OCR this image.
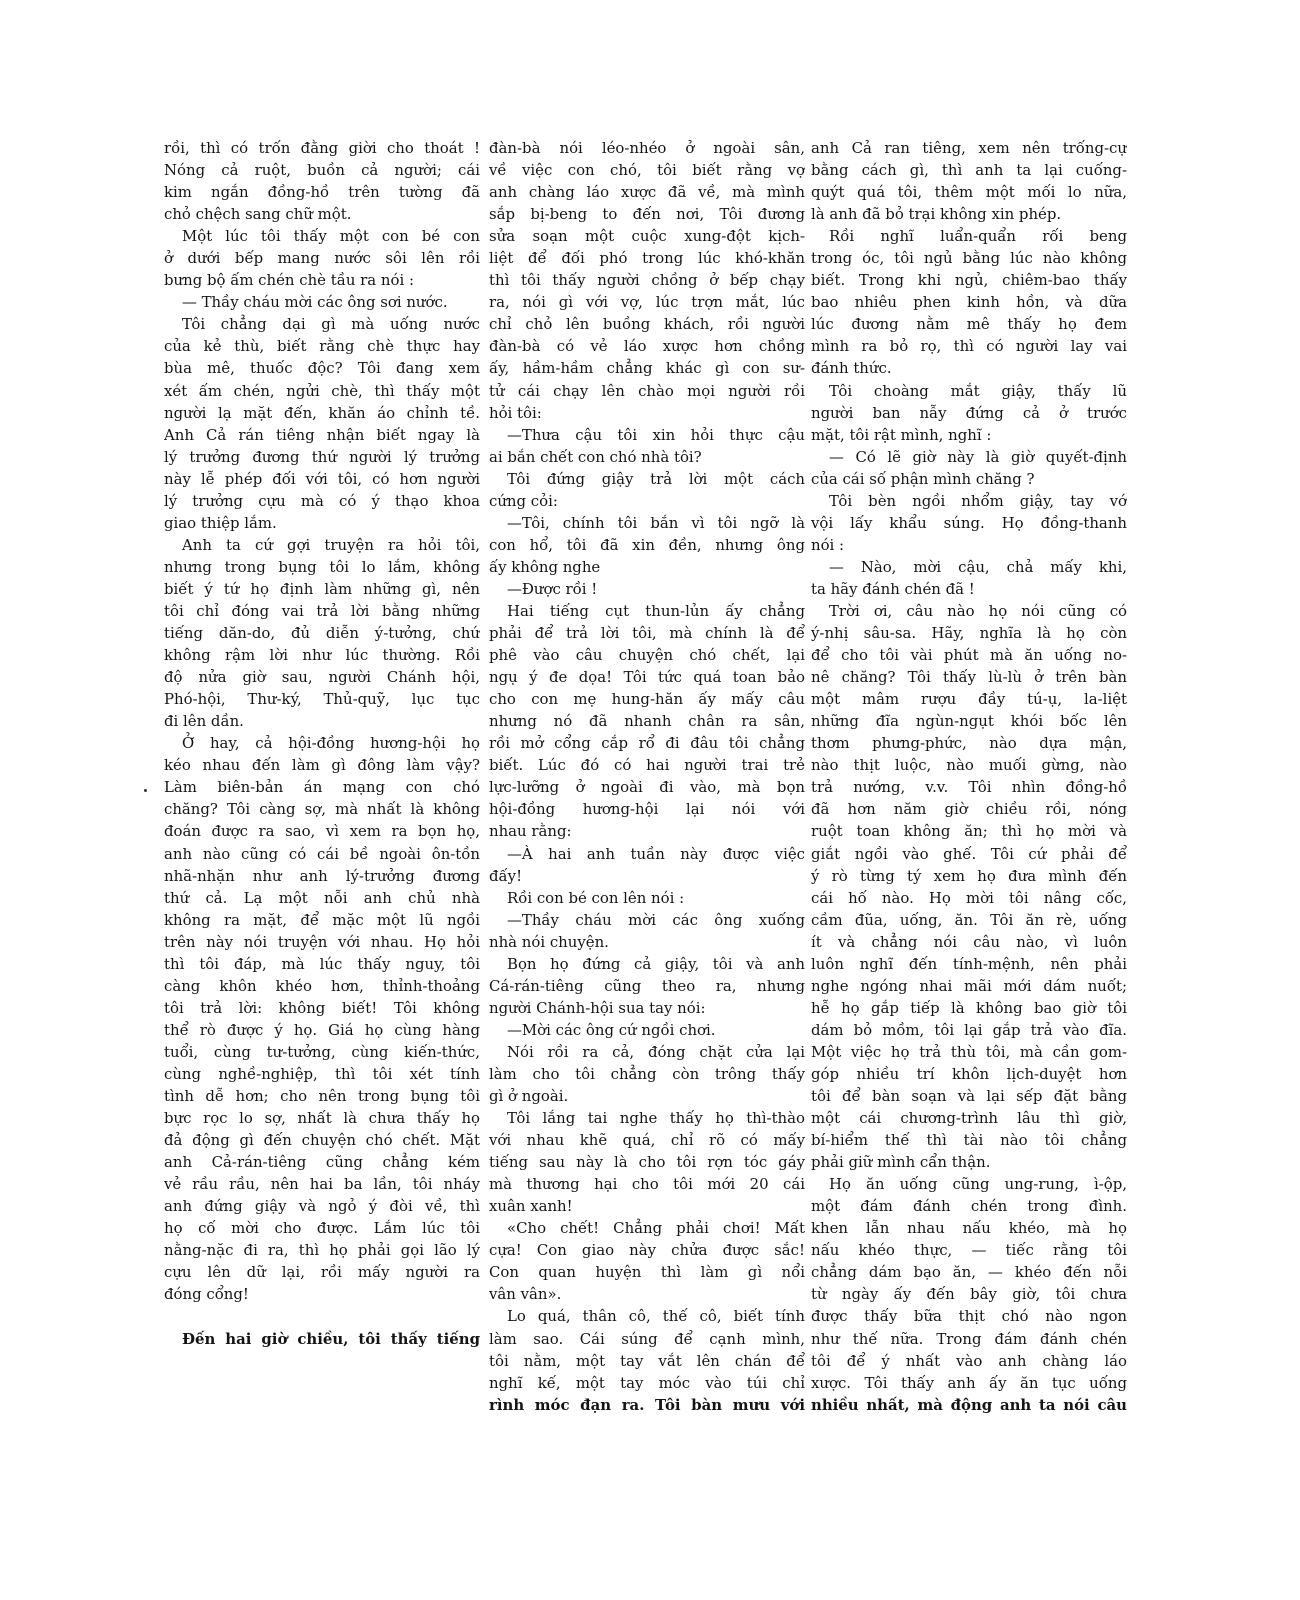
rồi, thì có trốn đằng giời cho thoát !
Nóng cả ruột, buồn cả người; cái
kim ngắn đồng-hồ trên tường đã
chỏ chệch sang chữ một.
Một lúc tôi thấy một con bé con
ở dưới bếp mang nước sôi lên rồi
bưng bộ ấm chén chè tầu ra nói :
— Thầy cháu mời các ông sơi nước.
Tôi chẳng dại gì mà uống nước
của kẻ thù, biết rằng chè thực hay
bùa mê, thuốc độc? Tôi đang xem
xét ấm chén, ngửi chè, thì thấy một
người lạ mặt đến, khăn áo chỉnh tề.
Anh Cả rán tiêng nhận biết ngay là
lý trưởng đương thứ người lý trưởng
này lễ phép đối với tôi, có hơn người
lý trưởng cựu mà có ý thạo khoa
giao thiệp lắm.
Anh ta cứ gợi truyện ra hỏi tôi,
nhưng trong bụng tôi lo lắm, không
biết ý tứ họ định làm những gì, nên
tôi chỉ đóng vai trả lời bằng những
tiếng dăn-do, đủ diễn ý-tưởng, chứ
không rậm lời như lúc thường. Rồi
độ nửa giờ sau, người Chánh hội,
Phó-hội, Thư-ký, Thủ-quỹ, lục tục
đi lên dần.
Ở hay, cả hội-đồng hương-hội họ
kéo nhau đến làm gì đông làm vậy?
Làm biên-bản án mạng con chó
chăng? Tôi càng sợ, mà nhất là không
đoán được ra sao, vì xem ra bọn họ,
anh nào cũng có cái bề ngoài ôn-tồn
nhã-nhặn như anh lý-trưởng đương
thứ cả. Lạ một nỗi anh chủ nhà
không ra mặt, để mặc một lũ ngồi
trên này nói truyện với nhau. Họ hỏi
thì tôi đáp, mà lúc thấy nguy, tôi
càng khôn khéo hơn, thỉnh-thoảng
tôi trả lời: không biết! Tôi không
thể rò được ý họ. Giá họ cùng hàng
tuổi, cùng tư-tưởng, cùng kiến-thức,
cùng nghề-nghiệp, thì tôi xét tính
tình dễ hơn; cho nên trong bụng tôi
bực rọc lo sợ, nhất là chưa thấy họ
đả động gì đến chuyện chó chết. Mặt
anh Cả-rán-tiêng cũng chẳng kém
vẻ rầu rầu, nên hai ba lần, tôi nháy
anh đứng giậy và ngỏ ý đòi về, thì
họ cố mời cho được. Lắm lúc tôi
nằng-nặc đi ra, thì họ phải gọi lão lý
cựu lên dữ lại, rồi mấy người ra
đóng cổng!
Đến hai giờ chiều, tôi thấy tiếng
đàn-bà nói léo-nhéo ở ngoài sân,
về việc con chó, tôi biết rằng vợ
anh chàng láo xược đã về, mà mình
sắp bị-beng to đến nơi, Tôi đương
sửa soạn một cuộc xung-đột kịch-
liệt để đối phó trong lúc khó-khăn
thì tôi thấy người chồng ở bếp chạy
ra, nói gì với vợ, lúc trợn mắt, lúc
chỉ chỏ lên buồng khách, rồi người
đàn-bà có vẻ láo xược hơn chồng
ấy, hầm-hầm chẳng khác gì con sư-
tử cái chạy lên chào mọi người rồi
hỏi tôi:
—Thưa cậu tôi xin hỏi thực cậu
ai bắn chết con chó nhà tôi?
Tôi đứng giậy trả lời một cách
cứng cỏi:
—Tôi, chính tôi bắn vì tôi ngỡ là
con hổ, tôi đã xin đền, nhưng ông
ấy không nghe
—Được rồi !
Hai tiếng cụt thun-lủn ấy chẳng
phải để trả lời tôi, mà chính là để
phê vào câu chuyện chó chết, lại
ngụ ý đe dọa! Tôi tức quá toan bảo
cho con mẹ hung-hăn ấy mấy câu
nhưng nó đã nhanh chân ra sân,
rồi mở cổng cắp rổ đi đâu tôi chẳng
biết. Lúc đó có hai người trai trẻ
lực-lưỡng ở ngoài đi vào, mà bọn
hội-đồng hương-hội lại nói với
nhau rằng:
—À hai anh tuần này được việc
đấy!
Rồi con bé con lên nói :
—Thầy cháu mời các ông xuống
nhà nói chuyện.
Bọn họ đứng cả giậy, tôi và anh
Cá-rán-tiêng cũng theo ra, nhưng
người Chánh-hội sua tay nói:
—Mời các ông cứ ngồi chơi.
Nói rồi ra cả, đóng chặt cửa lại
làm cho tôi chẳng còn trông thấy
gì ở ngoài.
Tôi lắng tai nghe thấy họ thì-thào
với nhau khẽ quá, chỉ rõ có mấy
tiếng sau này là cho tôi rợn tóc gáy
mà thương hại cho tôi mới 20 cái
xuân xanh!
«Cho chết! Chẳng phải chơi! Mất
cựa! Con giao này chửa được sắc!
Con quan huyện thì làm gì nổi
vân vân».
Lo quá, thân cô, thế cô, biết tính
làm sao. Cái súng để cạnh mình,
tôi nằm, một tay vắt lên chán để
nghĩ kế, một tay móc vào túi chỉ
rình móc đạn ra. Tôi bàn mưu với
anh Cả ran tiêng, xem nên trống-cự
bằng cách gì, thì anh ta lại cuống-
quýt quá tôi, thêm một mối lo nữa,
là anh đã bỏ trại không xin phép.
Rồi nghĩ luẩn-quẩn rối beng
trong óc, tôi ngủ bằng lúc nào không
biết. Trong khi ngủ, chiêm-bao thấy
bao nhiêu phen kinh hồn, và dữa
lúc đương nằm mê thấy họ đem
mình ra bỏ rọ, thì có người lay vai
đánh thức.
Tôi choàng mắt giậy, thấy lũ
người ban nẫy đứng cả ở trước
mặt, tôi rật mình, nghĩ :
— Có lẽ giờ này là giờ quyết-định
của cái số phận mình chăng ?
Tôi bèn ngồi nhổm giậy, tay vớ
vội lấy khẩu súng. Họ đồng-thanh
nói :
— Nào, mời cậu, chả mấy khi,
ta hãy đánh chén đã !
Trời ơi, câu nào họ nói cũng có
ý-nhị sâu-sa. Hãy, nghĩa là họ còn
để cho tôi vài phút mà ăn uống no-
nê chăng? Tôi thấy lù-lù ở trên bàn
một mâm rượu đầy tú-ụ, la-liệt
những đĩa ngùn-ngụt khói bốc lên
thơm phưng-phức, nào dựa mận,
nào thịt luộc, nào muối gừng, nào
trả nướng, v.v. Tôi nhìn đồng-hồ
đã hơn năm giờ chiều rồi, nóng
ruột toan không ăn; thì họ mời và
giắt ngồi vào ghế. Tôi cứ phải để
ý rò từng tý xem họ đưa mình đến
cái hố nào. Họ mời tôi nâng cốc,
cầm đũa, uống, ăn. Tôi ăn rè, uống
ít và chẳng nói câu nào, vì luôn
luôn nghĩ đến tính-mệnh, nên phải
nghe ngóng nhai mãi mới dám nuốt;
hễ họ gắp tiếp là không bao giờ tôi
dám bỏ mồm, tôi lại gắp trả vào đĩa.
Một việc họ trả thù tôi, mà cần gom-
góp nhiều trí khôn lịch-duyệt hơn
tôi để bàn soạn và lại sếp đặt bằng
một cái chương-trình lâu thì giờ,
bí-hiểm thế thì tài nào tôi chẳng
phải giữ mình cẩn thận.
Họ ăn uống cũng ung-rung, ì-ộp,
một đám đánh chén trong đình.
khen lẫn nhau nấu khéo, mà họ
nấu khéo thực, — tiếc rằng tôi
chẳng dám bạo ăn, — khéo đến nỗi
từ ngày ấy đến bây giờ, tôi chưa
được thấy bữa thịt chó nào ngon
như thế nữa. Trong đám đánh chén
tôi để ý nhất vào anh chàng láo
xược. Tôi thấy anh ấy ăn tục uống
nhiều nhất, mà động anh ta nói câu
